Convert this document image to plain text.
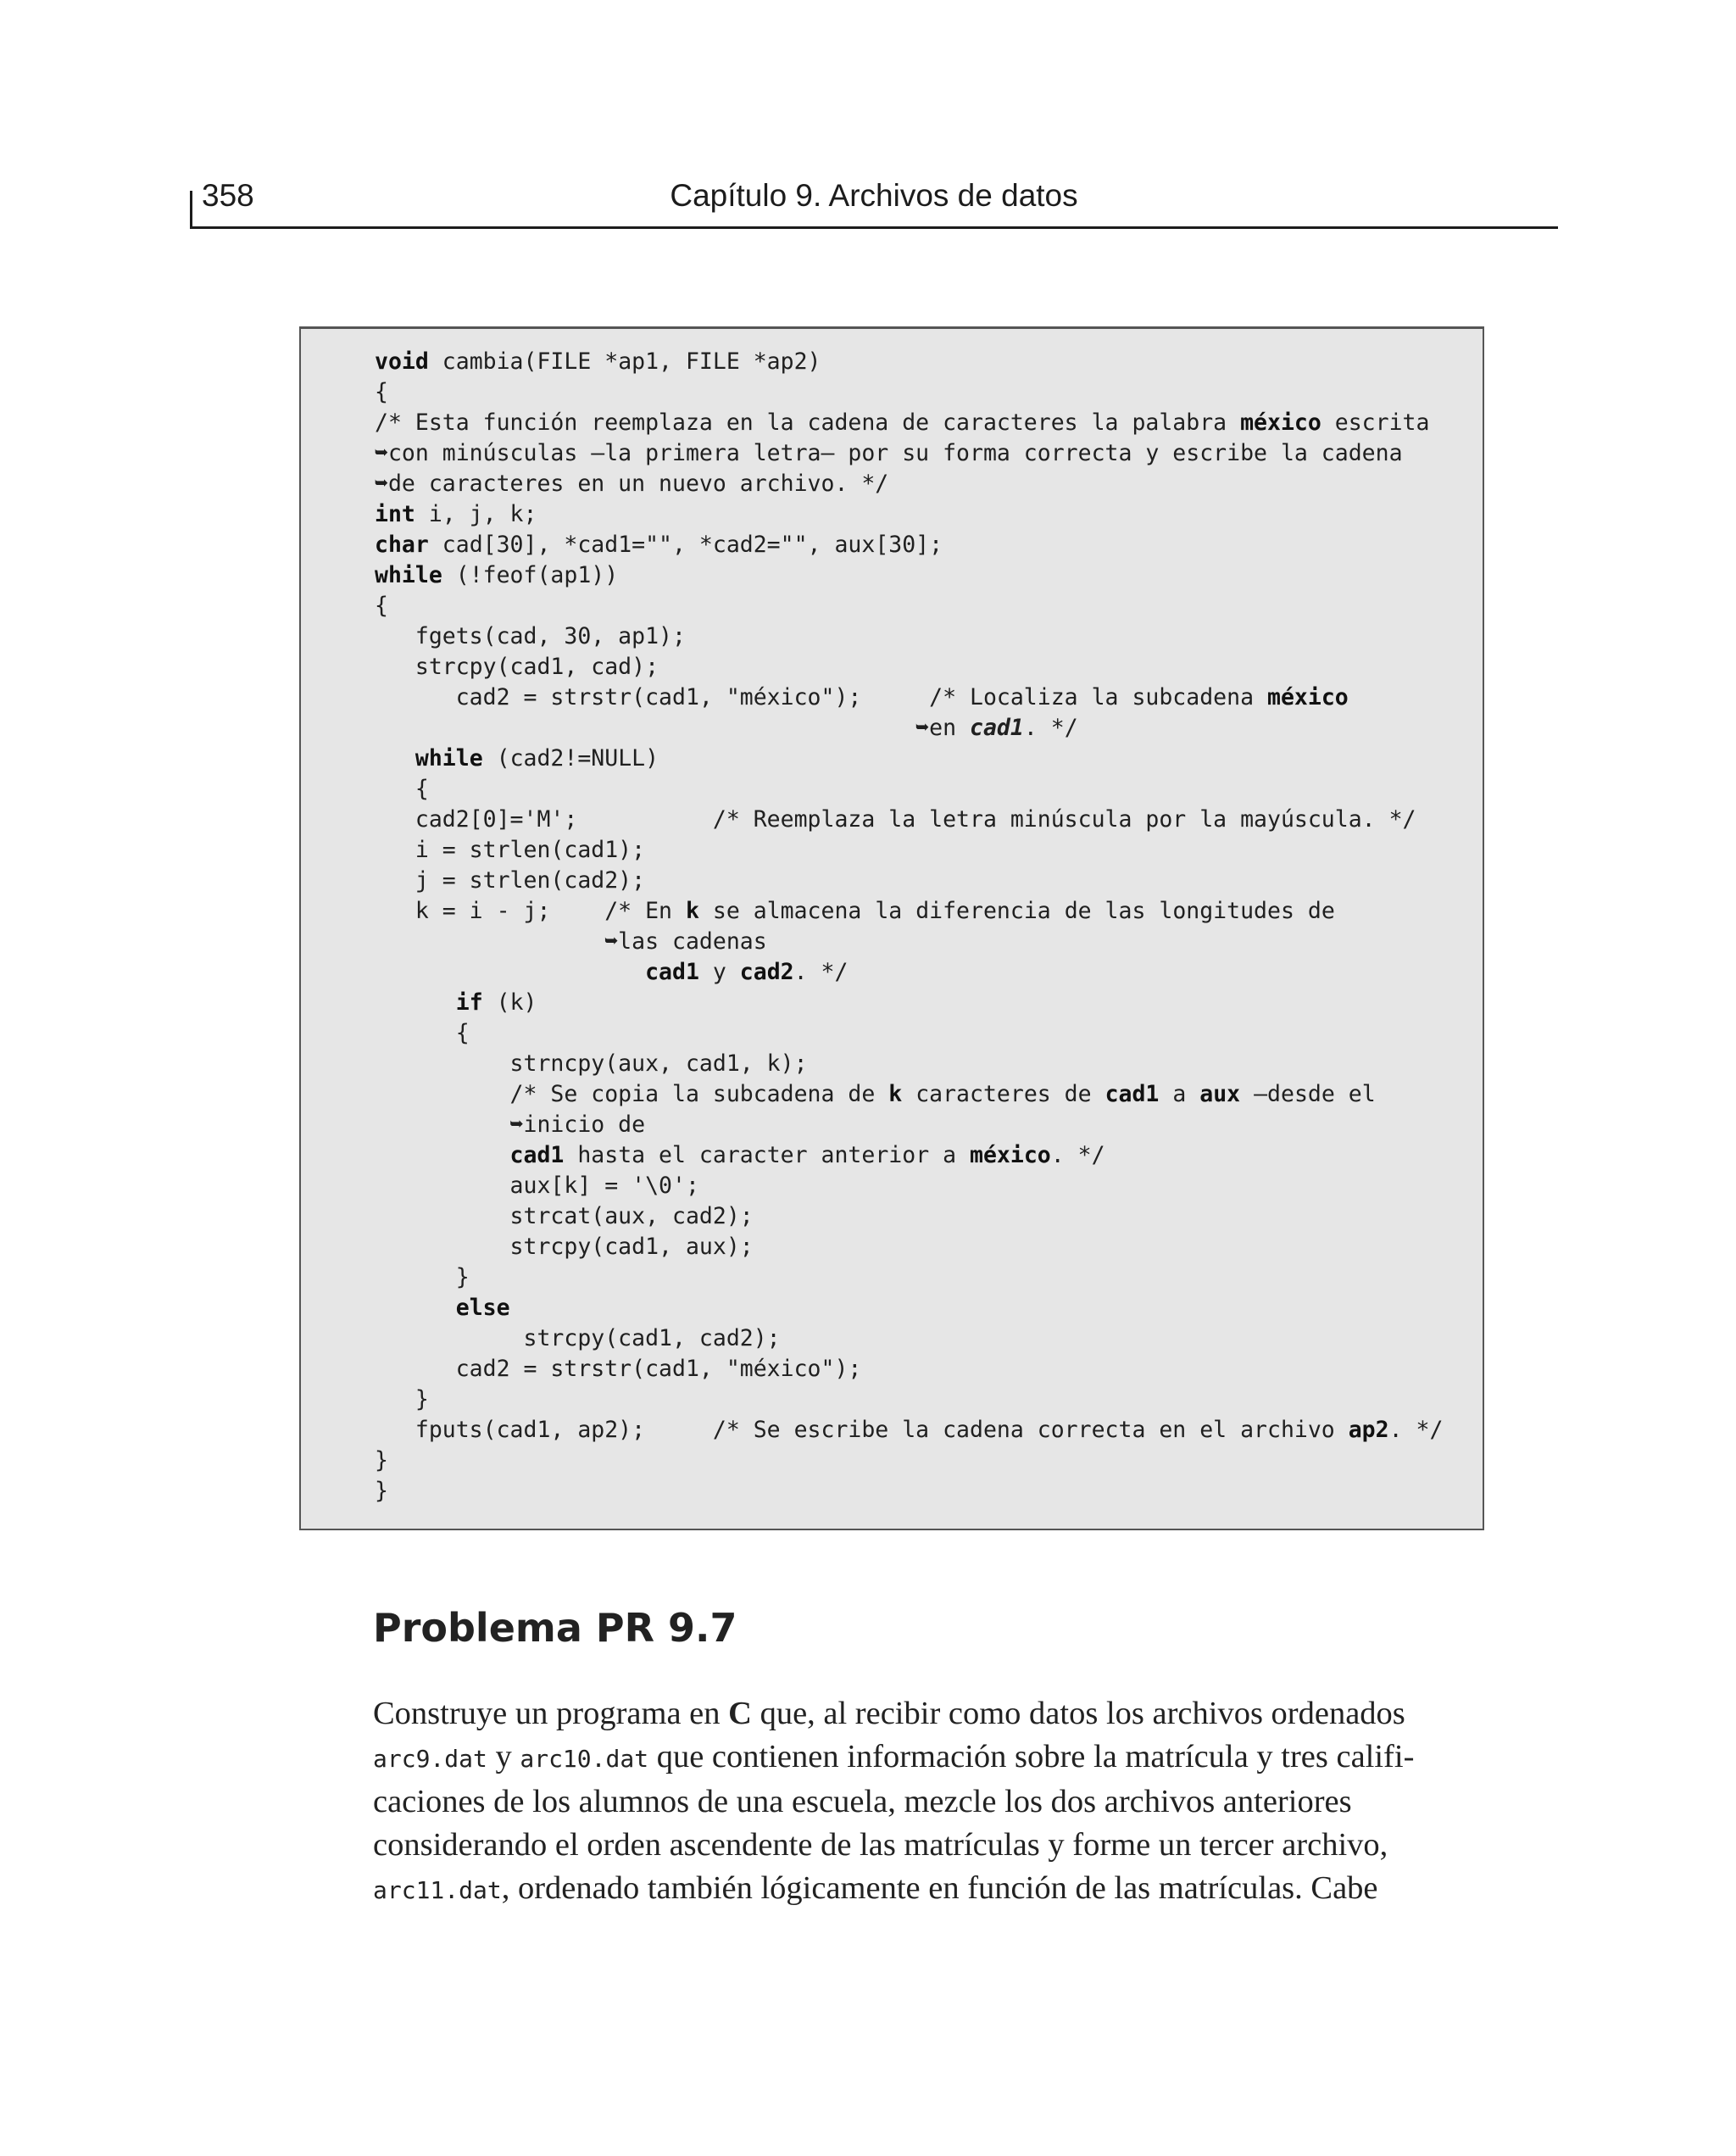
358	Capítulo 9. Archivos de datos
void cambia(FILE *ap1, FILE *ap2)
{
/* Esta función reemplaza en la cadena de caracteres la palabra méxico escrita
➥con minúsculas —la primera letra— por su forma correcta y escribe la cadena
➥de caracteres en un nuevo archivo. */
int i, j, k;
char cad[30], *cad1="", *cad2="", aux[30];
while (!feof(ap1))
{
fgets(cad, 30, ap1);
strcpy(cad1, cad);
cad2 = strstr(cad1, "méxico");     /* Localiza la subcadena méxico
➥en cad1. */
while (cad2!=NULL)
{
cad2[0]='M';          /* Reemplaza la letra minúscula por la mayúscula. */
i = strlen(cad1);
j = strlen(cad2);
k = i - j;    /* En k se almacena la diferencia de las longitudes de
➥las cadenas
cad1 y cad2. */
if (k)
{
strncpy(aux, cad1, k);
/* Se copia la subcadena de k caracteres de cad1 a aux —desde el
➥inicio de
cad1 hasta el caracter anterior a méxico. */
aux[k] = '\0';
strcat(aux, cad2);
strcpy(cad1, aux);
}
else
strcpy(cad1, cad2);
cad2 = strstr(cad1, "méxico");
}
fputs(cad1, ap2);     /* Se escribe la cadena correcta en el archivo ap2. */
}
}
Problema PR 9.7

Construye un programa en C que, al recibir como datos los archivos ordenados
arc9.dat y arc10.dat que contienen información sobre la matrícula y tres califi-
caciones de los alumnos de una escuela, mezcle los dos archivos anteriores
considerando el orden ascendente de las matrículas y forme un tercer archivo,
arc11.dat, ordenado también lógicamente en función de las matrículas. Cabe
